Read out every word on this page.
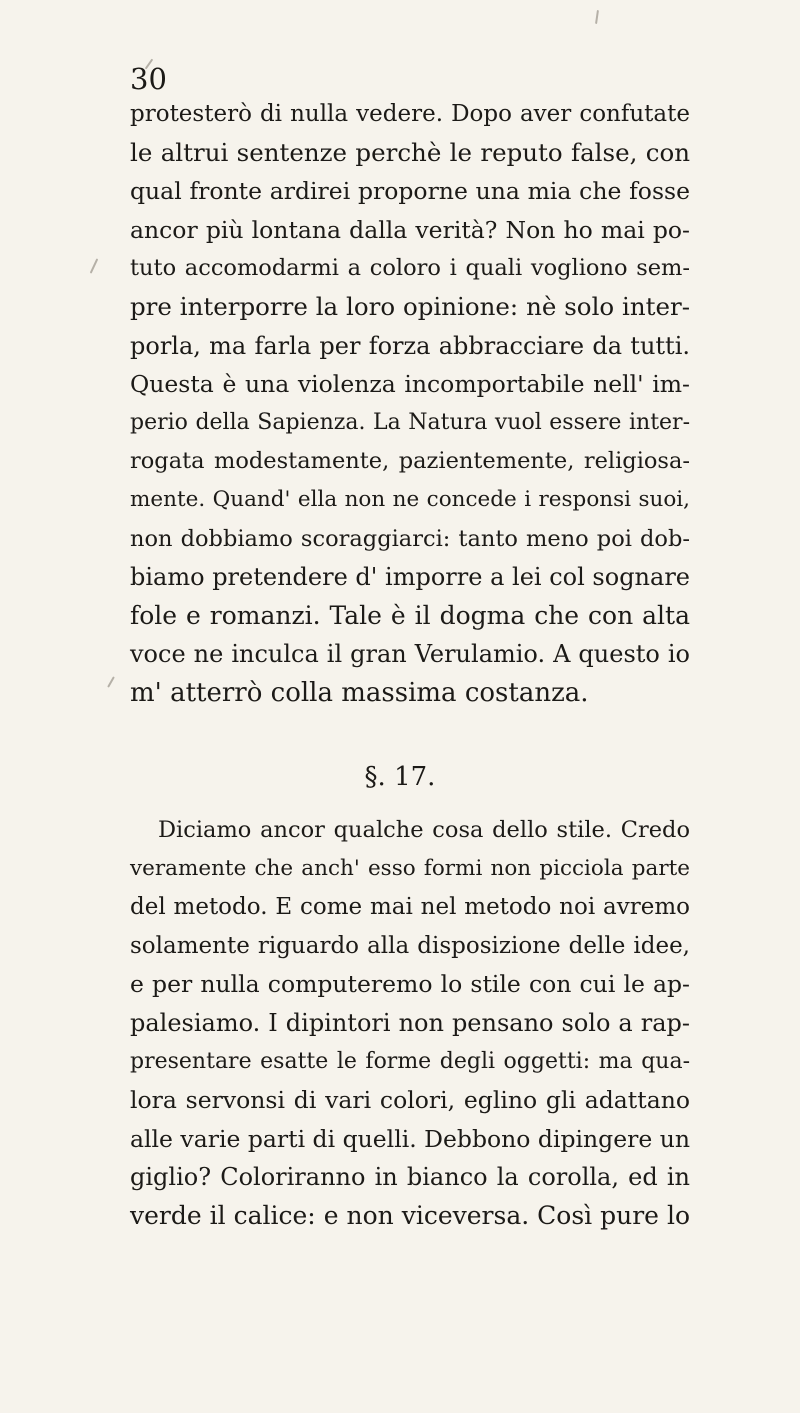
30
protesterò di nulla vedere. Dopo aver confutate
le altrui sentenze perchè le reputo false, con
qual fronte ardirei proporne una mia che fosse
ancor più lontana dalla verità? Non ho mai po-
tuto accomodarmi a coloro i quali vogliono sem-
pre interporre la loro opinione: nè solo inter-
porla, ma farla per forza abbracciare da tutti.
Questa è una violenza incomportabile nell' im-
perio della Sapienza. La Natura vuol essere inter-
rogata modestamente, pazientemente, religiosa-
mente. Quand' ella non ne concede i responsi suoi,
non dobbiamo scoraggiarci: tanto meno poi dob-
biamo pretendere d' imporre a lei col sognare
fole e romanzi. Tale è il dogma che con alta
voce ne inculca il gran Verulamio. A questo io
m' atterrò colla massima costanza.
§. 17.
Diciamo ancor qualche cosa dello stile. Credo
veramente che anch' esso formi non picciola parte
del metodo. E come mai nel metodo noi avremo
solamente riguardo alla disposizione delle idee,
e per nulla computeremo lo stile con cui le ap-
palesiamo. I dipintori non pensano solo a rap-
presentare esatte le forme degli oggetti: ma qua-
lora servonsi di vari colori, eglino gli adattano
alle varie parti di quelli. Debbono dipingere un
giglio? Coloriranno in bianco la corolla, ed in
verde il calice: e non viceversa. Così pure lo
